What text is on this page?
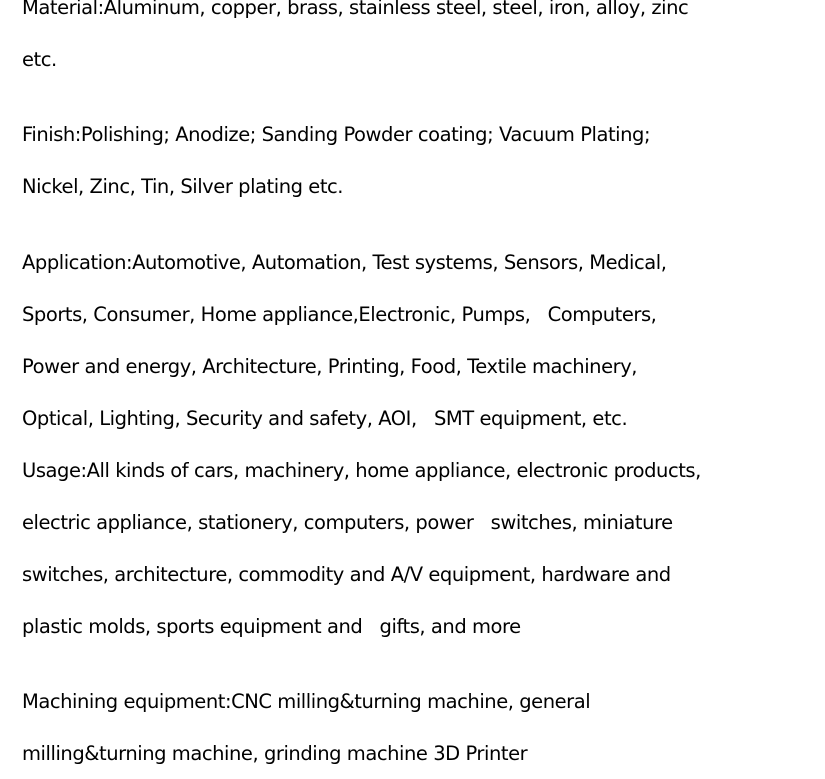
Material:Aluminum, copper, brass, stainless steel, steel, iron, alloy, zinc
etc.
Finish:Polishing; Anodize; Sanding Powder coating; Vacuum Plating;
Nickel, Zinc, Tin, Silver plating etc.
Application:Automotive, Automation, Test systems, Sensors, Medical,
Sports, Consumer, Home appliance,Electronic, Pumps,   Computers,
Power and energy, Architecture, Printing, Food, Textile machinery,
Optical, Lighting, Security and safety, AOI,   SMT equipment, etc.
Usage:All kinds of cars, machinery, home appliance, electronic products,
electric appliance, stationery, computers, power   switches, miniature
switches, architecture, commodity and A/V equipment, hardware and
plastic molds, sports equipment and   gifts, and more
Machining equipment:CNC milling&turning machine, general
milling&turning machine, grinding machine 3D Printer
